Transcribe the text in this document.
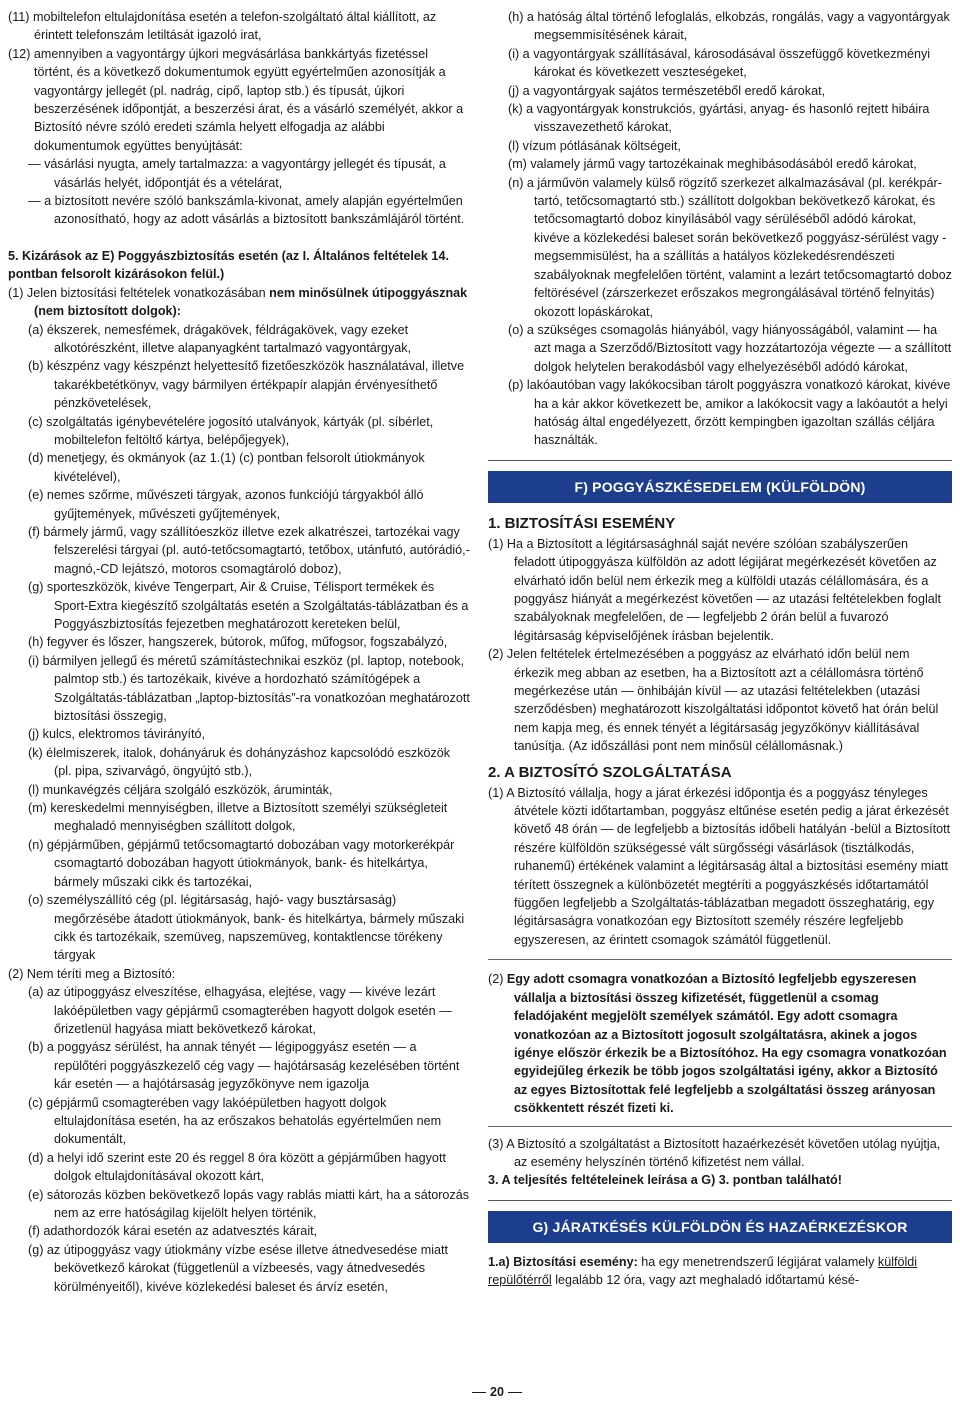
(11) mobiltelefon eltulajdonítása esetén a telefon-szolgáltató által kiállított, az érintett telefonszám letiltását igazoló irat,

(12) amennyiben a vagyontárgy újkori megvásárlása bankkártyás fizetéssel történt, és a következő dokumentumok együtt egyértelműen azonosítják a vagyontárgy jellegét (pl. nadrág, cipő, laptop stb.) és típusát, újkori beszerzésének időpontját, a beszerzési árat, és a vásárló személyét, akkor a Biztosító névre szóló eredeti számla helyett elfogadja az alábbi dokumentumok együttes benyújtását:

— vásárlási nyugta, amely tartalmazza: a vagyontárgy jellegét és típusát, a vásárlás helyét, időpontját és a vételárat,

— a biztosított nevére szóló bankszámla-kivonat, amely alapján egyértelműen azonosítható, hogy az adott vásárlás a biztosított bankszámlájáról történt.

5. Kizárások az E) Poggyászbiztosítás esetén (az I. Általános feltételek 14. pontban felsorolt kizárásokon felül.)

(1) Jelen biztosítási feltételek vonatkozásában nem minősülnek útipoggyásznak (nem biztosított dolgok):

(a) ékszerek, nemesfémek, drágakövek, féldrágakövek, vagy ezeket alkotórészként, illetve alapanyagként tartalmazó vagyontárgyak,

(b) készpénz vagy készpénzt helyettesítő fizetőeszközök használatával, illetve takarékbetétkönyv, vagy bármilyen értékpapír alapján érvényesíthető pénzkövetelések,

(c) szolgáltatás igénybevételére jogosító utalványok, kártyák (pl. síbérlet, mobiltelefon feltöltő kártya, belépőjegyek),

(d) menetjegy, és okmányok (az 1.(1) (c) pontban felsorolt útiokmányok kivételével),

(e) nemes szőrme, művészeti tárgyak, azonos funkciójú tárgyakból álló gyűjtemények, művészeti gyűjtemények,

(f) bármely jármű, vagy szállítóeszköz illetve ezek alkatrészei, tartozékai vagy felszerelési tárgyai (pl. autó-tetőcsomagtartó, tetőbox, utánfutó, autórádió,-magnó,-CD lejátszó, motoros csomagtároló doboz),

(g) sporteszközök, kivéve Tengerpart, Air & Cruise, Télisport termékek és Sport-Extra kiegészítő szolgáltatás esetén a Szolgáltatás-táblázatban és a Poggyászbiztosítás fejezetben meghatározott kereteken belül,

(h) fegyver és lőszer, hangszerek, bútorok, műfog, műfogsor, fogszabályzó,

(i) bármilyen jellegű és méretű számítástechnikai eszköz (pl. laptop, notebook, palmtop stb.) és tartozékaik, kivéve a hordozható számítógépek a Szolgáltatás-táblázatban „laptop-biztosítás”-ra vonatkozóan meghatározott biztosítási összegig,

(j) kulcs, elektromos távirányító,

(k) élelmiszerek, italok, dohányáruk és dohányzáshoz kapcsolódó eszközök (pl. pipa, szivarvágó, öngyújtó stb.),

(l) munkavégzés céljára szolgáló eszközök, áruminták,

(m) kereskedelmi mennyiségben, illetve a Biztosított személyi szükségleteit meghaladó mennyiségben szállított dolgok,

(n) gépjárműben, gépjármű tetőcsomagtartó dobozában vagy motorkerékpár csomagtartó dobozában hagyott útiokmányok, bank- és hitelkártya, bármely műszaki cikk és tartozékai,

(o) személyszállító cég (pl. légitársaság, hajó- vagy busztársaság) megőrzésébe átadott útiokmányok, bank- és hitelkártya, bármely műszaki cikk és tartozékaik, szemüveg, napszemüveg, kontaktlencse törékeny tárgyak

(2) Nem téríti meg a Biztosító:

(a) az útipoggyász elveszítése, elhagyása, elejtése, vagy — kivéve lezárt lakóépületben vagy gépjármű csomagterében hagyott dolgok esetén — őrizetlenül hagyása miatt bekövetkező károkat,

(b) a poggyász sérülést, ha annak tényét — légipoggyász esetén — a repülőtéri poggyászkezelő cég vagy — hajótársaság kezelésében történt kár esetén — a hajótársaság jegyzőkönyve nem igazolja

(c) gépjármű csomagterében vagy lakóépületben hagyott dolgok eltulajdonítása esetén, ha az erőszakos behatolás egyértelműen nem dokumentált,

(d) a helyi idő szerint este 20 és reggel 8 óra között a gépjárműben hagyott dolgok eltulajdonításával okozott kárt,

(e) sátorozás közben bekövetkező lopás vagy rablás miatti kárt, ha a sátorozás nem az erre hatóságilag kijelölt helyen történik,

(f) adathordozók kárai esetén az adatvesztés kárait,

(g) az útipoggyász vagy útiokmány vízbe esése illetve átnedvesedése miatt bekövetkező károkat (függetlenül a vízbeesés, vagy átnedvesedés körülményeitől), kivéve közlekedési baleset és árvíz esetén,

(h) a hatóság által történő lefoglalás, elkobzás, rongálás, vagy a vagyontárgyak megsemmisítésének kárait,

(i) a vagyontárgyak szállításával, károsodásával összefüggő következményi károkat és következett veszteségeket,

(j) a vagyontárgyak sajátos természetéből eredő károkat,

(k) a vagyontárgyak konstrukciós, gyártási, anyag- és hasonló rejtett hibáira visszavezethető károkat,

(l) vízum pótlásának költségeit,

(m) valamely jármű vagy tartozékainak meghibásodásából eredő károkat,

(n) a járművön valamely külső rögzítő szerkezet alkalmazásával (pl. kerékpár-tartó, tetőcsomagtartó stb.) szállított dolgokban bekövetkező károkat, és tetőcsomagtartó doboz kinyílásából vagy sérüléséből adódó károkat, kivéve a közlekedési baleset során bekövetkező poggyász-sérülést vagy -megsemmisülést, ha a szállítás a hatályos közlekedésrendészeti szabályoknak megfelelően történt, valamint a lezárt tetőcsomagtartó doboz feltörésével (zárszerkezet erőszakos megrongálásával történő felnyitás) okozott lopáskárokat,

(o) a szükséges csomagolás hiányából, vagy hiányosságából, valamint — ha azt maga a Szerződő/Biztosított vagy hozzátartozója végezte — a szállított dolgok helytelen berakodásból vagy elhelyezéséből adódó károkat,

(p) lakóautóban vagy lakókocsiban tárolt poggyászra vonatkozó károkat, kivéve ha a kár akkor következett be, amikor a lakókocsit vagy a lakóautót a helyi hatóság által engedélyezett, őrzött kempingben igazoltan szállás céljára használták.

F) POGGYÁSZKÉSEDELEM (KÜLFÖLDÖN)

1. BIZTOSÍTÁSI ESEMÉNY

(1) Ha a Biztosított a légitársasághnál saját nevére szólóan szabályszerűen feladott útipoggyásza külföldön az adott légijárat megérkezését követően az elvárható időn belül nem érkezik meg a külföldi utazás célállomására, és a poggyász hiányát a megérkezést követően — az utazási feltételekben foglalt szabályoknak megfelelően, de — legfeljebb 2 órán belül a fuvarozó légitársaság képviselőjének írásban bejelentik.

(2) Jelen feltételek értelmezésében a poggyász az elvárható időn belül nem érkezik meg abban az esetben, ha a Biztosított azt a célállomásra történő megérkezése után — önhibáján kívül — az utazási feltételekben (utazási szerződésben) meghatározott kiszolgáltatási időpontot követő hat órán belül nem kapja meg, és ennek tényét a légitársaság jegyzőkönyv kiállításával tanúsítja. (Az időszállási pont nem minősül célállomásnak.)

2. A BIZTOSÍTÓ SZOLGÁLTATÁSA

(1) A Biztosító vállalja, hogy a járat érkezési időpontja és a poggyász tényleges átvétele közti időtartamban, poggyász eltűnése esetén pedig a járat érkezését követő 48 órán — de legfeljebb a biztosítás időbeli hatályán -belül a Biztosított részére külföldön szükségessé vált sürgősségi vásárlások (tisztálkodás, ruhanemű) értékének valamint a légitársaság által a biztosítási esemény miatt térített összegnek a különbözetét megtéríti a poggyászkésés időtartamától függően legfeljebb a Szolgáltatás-táblázatban megadott összeghatárig, egy légitársaságra vonatkozóan egy Biztosított személy részére legfeljebb egyszeresen, az érintett csomagok számától függetlenül.

(2) Egy adott csomagra vonatkozóan a Biztosító legfeljebb egyszeresen vállalja a biztosítási összeg kifizetését, függetlenül a csomag feladójaként megjelölt személyek számától. Egy adott csomagra vonatkozóan az a Biztosított jogosult szolgáltatásra, akinek a jogos igénye először érkezik be a Biztosítóhoz. Ha egy csomagra vonatkozóan egyidejűleg érkezik be több jogos szolgáltatási igény, akkor a Biztosító az egyes Biztosítottak felé legfeljebb a szolgáltatási összeg arányosan csökkentett részét fizeti ki.

(3) A Biztosító a szolgáltatást a Biztosított hazaérkezését követően utólag nyújtja, az esemény helyszínén történő kifizetést nem vállal.

3. A teljesítés feltételeinek leírása a G) 3. pontban található!

G) JÁRATKÉSÉS KÜLFÖLDÖN ÉS HAZAÉRKEZÉSKOR

1.a) Biztosítási esemény: ha egy menetrendszerű légijárat valamely külföldi repülőtérről legalább 12 óra, vagy azt meghaladó időtartamú késé-

20
